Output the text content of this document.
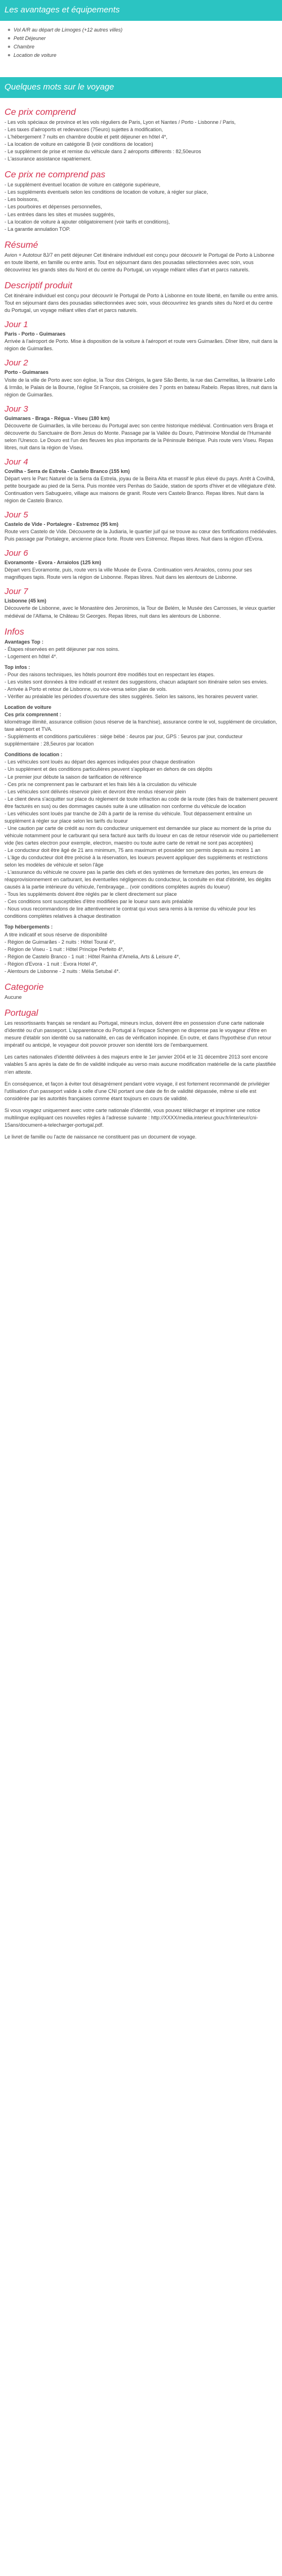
Les avantages et équipements
Vol A/R au départ de Limoges (+12 autres villes)
Petit Déjeuner
Chambre
Location de voiture
Quelques mots sur le voyage
Ce prix comprend

- Les vols spéciaux de province et les vols réguliers de Paris, Lyon et Nantes / Porto - Lisbonne / Paris,

- Les taxes d'aéroports et redevances (75euro) sujettes à modification,

- L'hébergement 7 nuits en chambre double et petit déjeuner en hôtel 4*,

- La location de voiture en catégorie B (voir conditions de location)

- Le supplément de prise et remise du véhicule dans 2 aéroports différents : 82,50euros

- L'assurance assistance rapatriement.

Ce prix ne comprend pas

- Le supplément éventuel location de voiture en catégorie supérieure,

- Les suppléments éventuels selon les conditions de location de voiture, à régler sur place,

- Les boissons,

- Les pourboires et dépenses personnelles,

- Les entrées dans les sites et musées suggérés,

- La location de voiture à ajouter obligatoirement (voir tarifs et conditions),

- La garantie annulation TOP.

Résumé

Avion + Autotour 8J/7 en petit déjeuner Cet itinéraire individuel est conçu pour découvrir le Portugal de Porto à Lisbonne en toute liberté, en famille ou entre amis. Tout en séjournant dans des pousadas sélectionnées avec soin, vous découvrirez les grands sites du Nord et du centre du Portugal, un voyage mêlant villes d'art et parcs naturels.

Descriptif produit

Cet itinéraire individuel est conçu pour découvrir le Portugal de Porto à Lisbonne en toute liberté, en famille ou entre amis. Tout en séjournant dans des pousadas sélectionnées avec soin, vous découvrirez les grands sites du Nord et du centre du Portugal, un voyage mêlant villes d'art et parcs naturels.

Jour 1

Paris - Porto - Guimaraes

Arrivée à l'aéroport de Porto. Mise à disposition de la voiture à l'aéroport et route vers Guimarães. Dîner libre, nuit dans la région de Guimarães.

Jour 2

Porto - Guimaraes

Visite de la ville de Porto avec son église, la Tour dos Clérigos, la gare São Bento, la rue das Carmelitas, la librairie Lello & Irmão, le Palais de la Bourse, l'église St François, sa croisière des 7 ponts en bateau Rabelo. Repas libres, nuit dans la région de Guimarães.

Jour 3

Guimaraes - Braga - Régua - Viseu (180 km)

Découverte de Guimarães, la ville berceau du Portugal avec son centre historique médiéval. Continuation vers Braga et découverte du Sanctuaire de Bom Jesus do Monte. Passage par la Vallée du Douro, Patrimoine Mondial de l'Humanité selon l'Unesco. Le Douro est l'un des fleuves les plus importants de la Péninsule Ibérique. Puis route vers Viseu. Repas libres, nuit dans la région de Viseu.

Jour 4

Covilha - Serra de Estrela - Castelo Branco (155 km)

Départ vers le Parc Naturel de la Serra da Estrela, joyau de la Beira Alta et massif le plus élevé du pays. Arrêt à Covilhã, petite bourgade au pied de la Serra. Puis montée vers Penhas do Saúde, station de sports d'hiver et de villégiature d'été. Continuation vers Sabugueiro, village aux maisons de granit. Route vers Castelo Branco. Repas libres. Nuit dans la région de Castelo Branco.

Jour 5

Castelo de Vide - Portalegre - Estremoz (95 km)

Route vers Castelo de Vide. Découverte de la Judiaria, le quartier juif qui se trouve au cœur des fortifications médiévales. Puis passage par Portalegre, ancienne place forte. Route vers Estremoz. Repas libres. Nuit dans la région d'Evora.

Jour 6

Evoramonte - Evora - Arraiolos (125 km)

Départ vers Evoramonte, puis, route vers la ville Musée de Evora. Continuation vers Arraiolos, connu pour ses magnifiques tapis. Route vers la région de Lisbonne. Repas libres. Nuit dans les alentours de Lisbonne.

Jour 7

Lisbonne (45 km)

Découverte de Lisbonne, avec le Monastère des Jeronimos, la Tour de Belém, le Musée des Carrosses, le vieux quartier médiéval de l'Alfama, le Château St Georges. Repas libres, nuit dans les alentours de Lisbonne.

Infos

Avantages Top :

- Étapes réservées en petit déjeuner par nos soins.

- Logement en hôtel 4*.

Top infos :

- Pour des raisons techniques, les hôtels pourront être modifiés tout en respectant les étapes.

- Les visites sont données à titre indicatif et restent des suggestions, chacun adaptant son itinéraire selon ses envies.

- Arrivée à Porto et retour de Lisbonne, ou vice-versa selon plan de vols.

- Vérifier au préalable les périodes d'ouverture des sites suggérés. Selon les saisons, les horaires peuvent varier.

Location de voiture

Ces prix comprennent :

kilométrage illimité, assurance collision (sous réserve de la franchise), assurance contre le vol, supplément de circulation, taxe aéroport et TVA.

- Suppléments et conditions particulières : siège bébé : 4euros par jour, GPS : 5euros par jour, conducteur supplémentaire : 28,5euros par location

Conditions de location :

- Les véhicules sont loués au départ des agences indiquées pour chaque destination

- Un supplément et des conditions particulières peuvent s'appliquer en dehors de ces dépôts

- Le premier jour débute la saison de tarification de référence

- Ces prix ne comprennent pas le carburant et les frais liés à la circulation du véhicule

- Les véhicules sont délivrés réservoir plein et devront être rendus réservoir plein

- Le client devra s'acquitter sur place du règlement de toute infraction au code de la route (des frais de traitement peuvent être facturés en sus) ou des dommages causés suite à une utilisation non conforme du véhicule de location

- Les véhicules sont loués par tranche de 24h à partir de la remise du véhicule. Tout dépassement entraîne un supplément à régler sur place selon les tarifs du loueur

- Une caution par carte de crédit au nom du conducteur uniquement est demandée sur place au moment de la prise du véhicule notamment pour le carburant qui sera facturé aux tarifs du loueur en cas de retour réservoir vide ou partiellement vide (les cartes electron pour exemple, electron, maestro ou toute autre carte de retrait ne sont pas acceptées)

- Le conducteur doit être âgé de 21 ans minimum, 75 ans maximum et posséder son permis depuis au moins 1 an

- L'âge du conducteur doit être précisé à la réservation, les loueurs peuvent appliquer des suppléments et restrictions selon les modèles de véhicule et selon l'âge

- L'assurance du véhicule ne couvre pas la partie des clefs et des systèmes de fermeture des portes, les erreurs de réapprovisionnement en carburant, les éventuelles négligences du conducteur, la conduite en état d'ébriété, les dégâts causés à la partie intérieure du véhicule, l'embrayage... (voir conditions complètes auprès du loueur)

- Tous les suppléments doivent être réglés par le client directement sur place

- Ces conditions sont susceptibles d'être modifiées par le loueur sans avis préalable

- Nous vous recommandons de lire attentivement le contrat qui vous sera remis à la remise du véhicule pour les conditions complètes relatives à chaque destination

Top hébergements :

A titre indicatif et sous réserve de disponibilité

- Région de Guimarães - 2 nuits : Hôtel Toural 4*,

- Région de Viseu - 1 nuit : Hôtel Principe Perfeito 4*,

- Région de Castelo Branco - 1 nuit : Hôtel Rainha d'Amelia, Arts & Leisure 4*,

- Région d'Evora - 1 nuit : Evora Hotel 4*,

- Alentours de Lisbonne - 2 nuits : Mélia Setubal 4*.

Categorie

Aucune

Portugal

Les ressortissants français se rendant au Portugal, mineurs inclus, doivent être en possession d'une carte nationale d'identité ou d'un passeport. L'apparentance du Portugal à l'espace Schengen ne dispense pas le voyageur d'être en mesure d'établir son identité ou sa nationalité, en cas de vérification inopinée. En outre, et dans l'hypothèse d'un retour impératif ou anticipé, le voyageur doit pouvoir prouver son identité lors de l'embarquement.

Les cartes nationales d'identité délivrées à des majeurs entre le 1er janvier 2004 et le 31 décembre 2013 sont encore valables 5 ans après la date de fin de validité indiquée au verso mais aucune modification matérielle de la carte plastifiée n'en atteste.

En conséquence, et façon à éviter tout désagrément pendant votre voyage, il est fortement recommandé de privilégier l'utilisation d'un passeport valide à celle d'une CNI portant une date de fin de validité dépassée, même si elle est considérée par les autorités françaises comme étant toujours en cours de validité.

Si vous voyagez uniquement avec votre carte nationale d'identité, vous pouvez télécharger et imprimer une notice multilingue expliquant ces nouvelles règles à l'adresse suivante : http://XXXX/media.interieur.gouv.fr/interieur/cni-15ans/document-a-telecharger-portugal.pdf.

Le livret de famille ou l'acte de naissance ne constituent pas un document de voyage.
